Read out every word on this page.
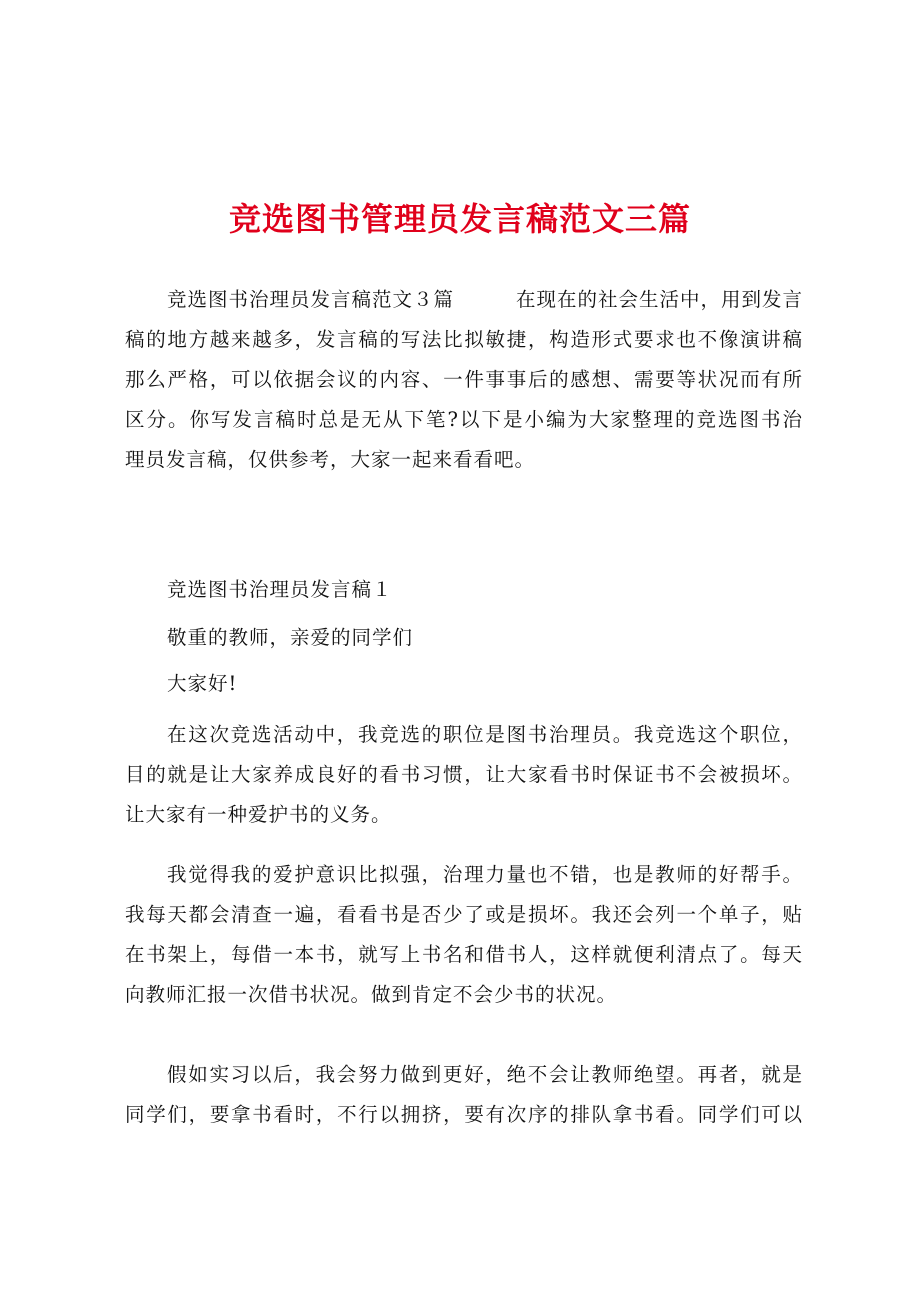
竞选图书管理员发言稿范文三篇
竞选图书治理员发言稿范文３篇	在现在的社会生活中，用到发言
稿的地方越来越多，发言稿的写法比拟敏捷，构造形式要求也不像演讲稿
那么严格，可以依据会议的内容、一件事事后的感想、需要等状况而有所
区分。你写发言稿时总是无从下笔?以下是小编为大家整理的竞选图书治
理员发言稿，仅供参考，大家一起来看看吧。
竞选图书治理员发言稿１
敬重的教师，亲爱的同学们
大家好!
在这次竞选活动中，我竞选的职位是图书治理员。我竞选这个职位，
目的就是让大家养成良好的看书习惯，让大家看书时保证书不会被损坏。
让大家有一种爱护书的义务。
我觉得我的爱护意识比拟强，治理力量也不错，也是教师的好帮手。
我每天都会清查一遍，看看书是否少了或是损坏。我还会列一个单子，贴
在书架上，每借一本书，就写上书名和借书人，这样就便利清点了。每天
向教师汇报一次借书状况。做到肯定不会少书的状况。
假如实习以后，我会努力做到更好，绝不会让教师绝望。再者，就是
同学们，要拿书看时，不行以拥挤，要有次序的排队拿书看。同学们可以
